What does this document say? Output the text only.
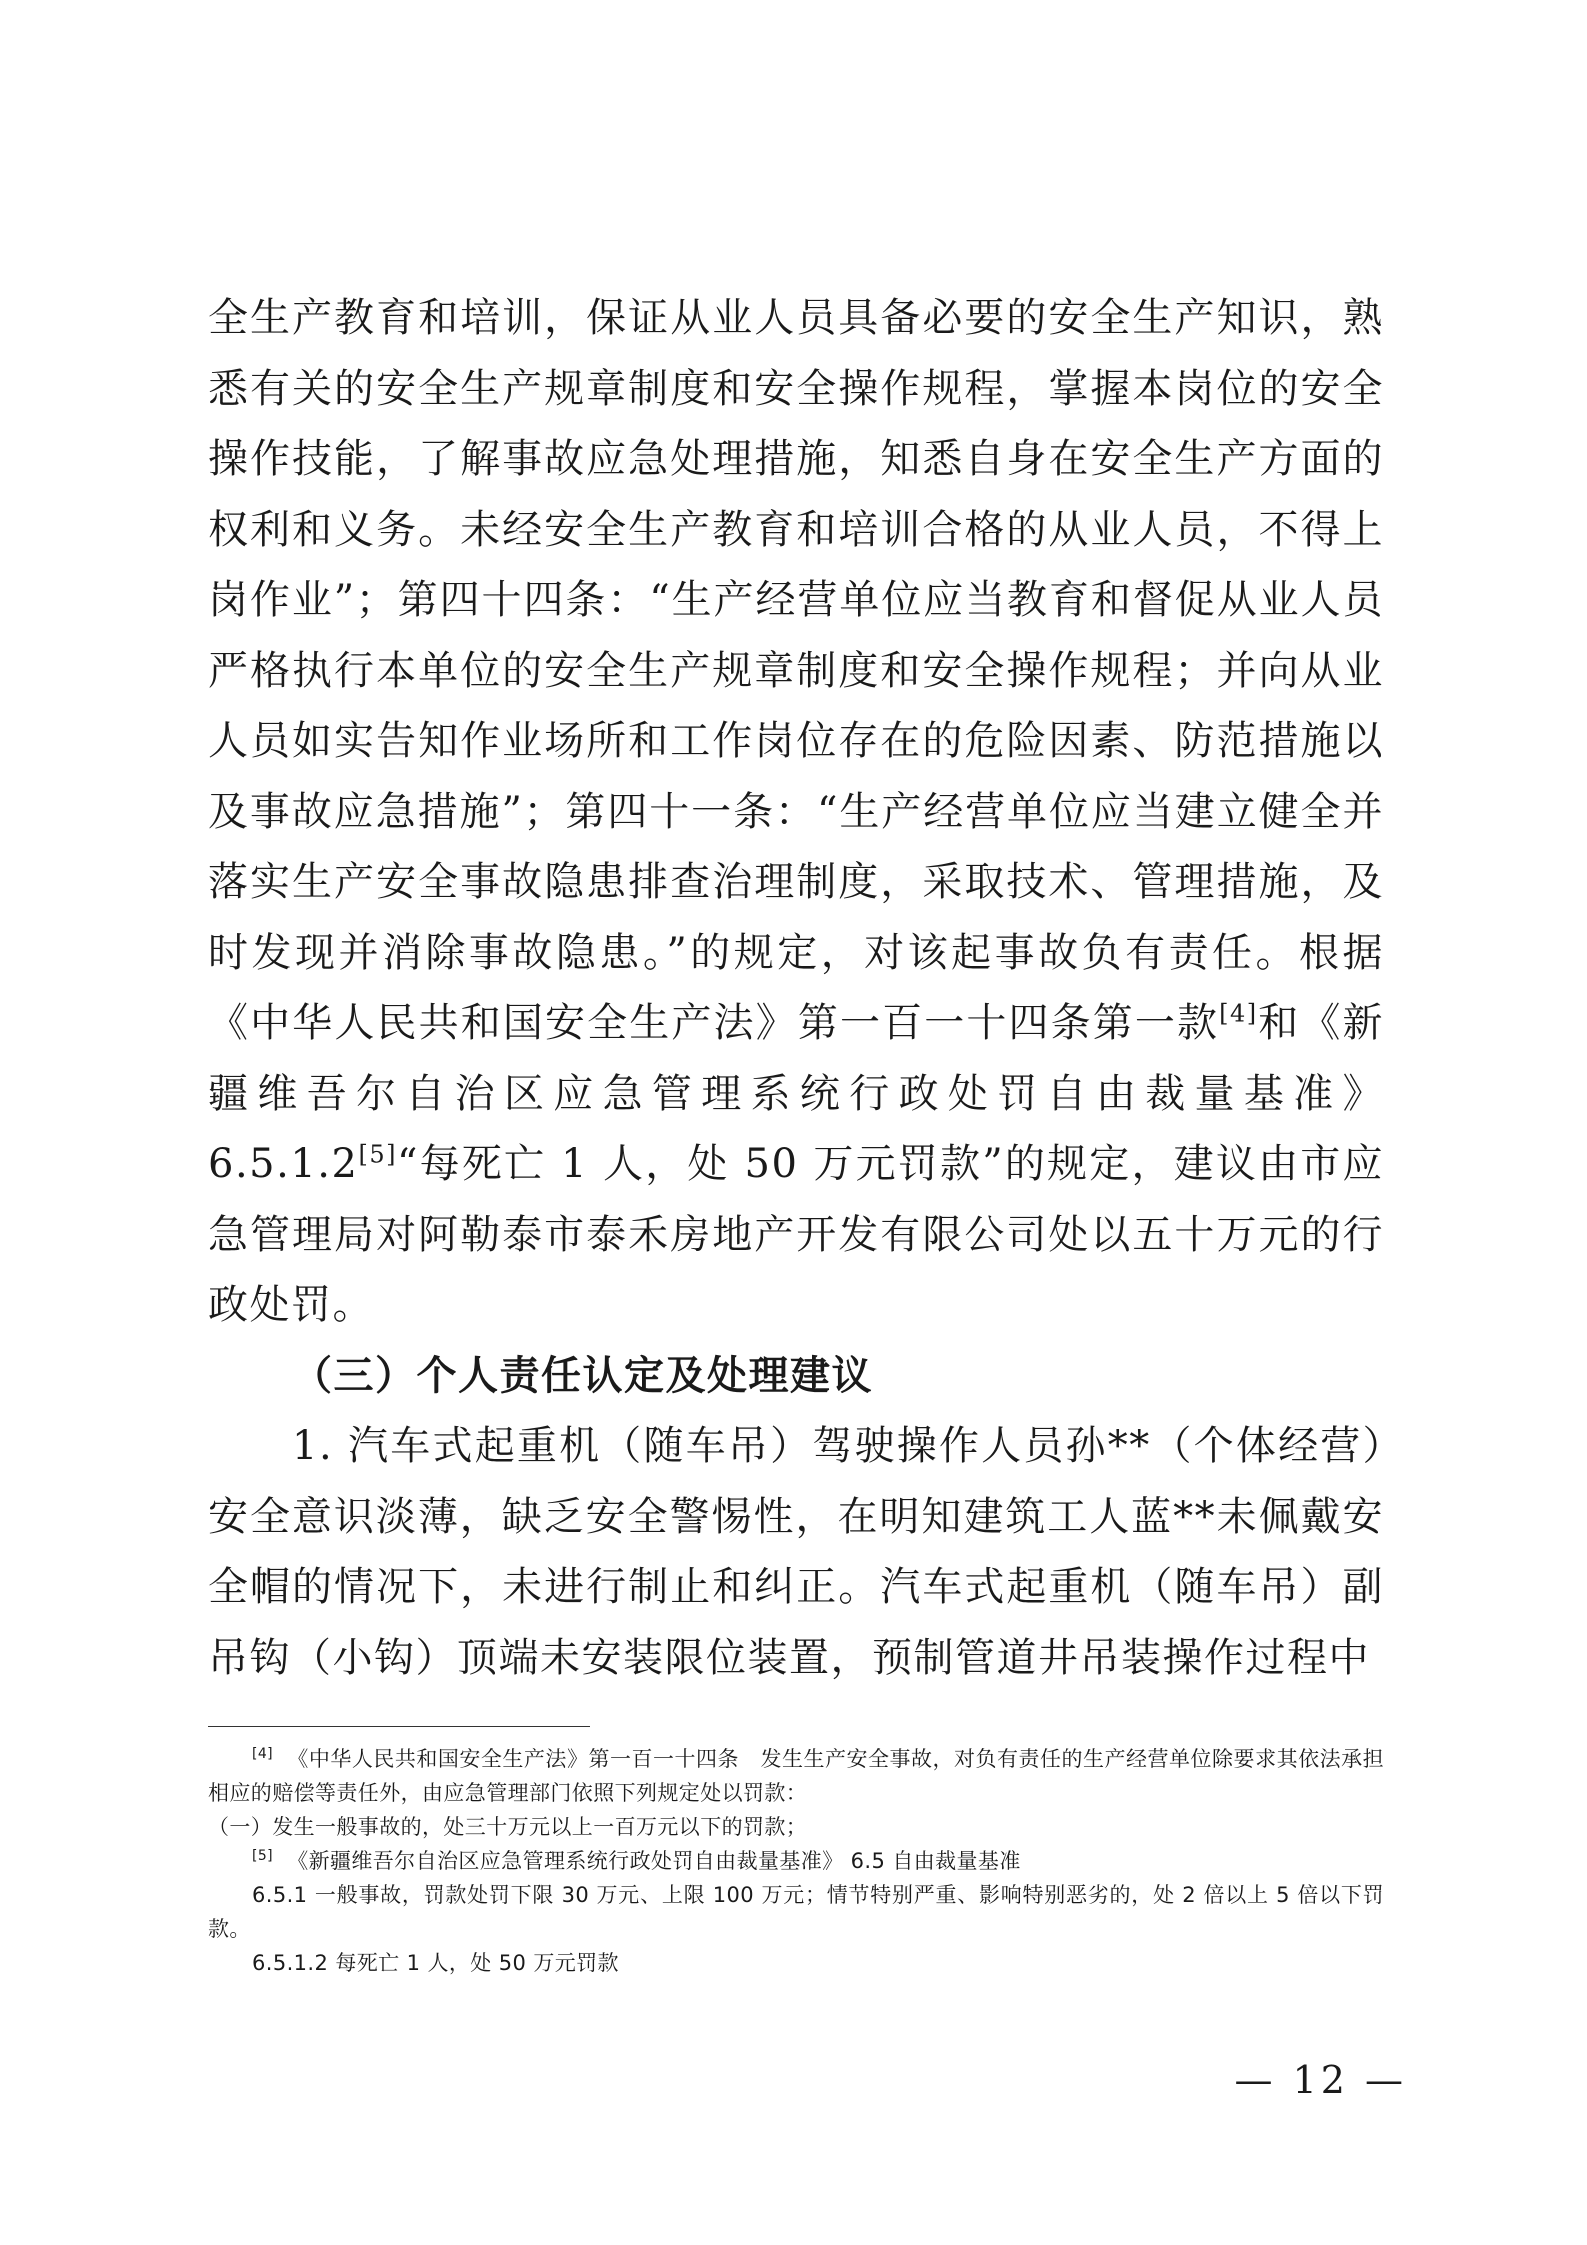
全生产教育和培训，保证从业人员具备必要的安全生产知识，熟悉有关的安全生产规章制度和安全操作规程，掌握本岗位的安全操作技能，了解事故应急处理措施，知悉自身在安全生产方面的权利和义务。未经安全生产教育和培训合格的从业人员，不得上岗作业”；第四十四条：“生产经营单位应当教育和督促从业人员严格执行本单位的安全生产规章制度和安全操作规程；并向从业人员如实告知作业场所和工作岗位存在的危险因素、防范措施以及事故应急措施”；第四十一条：“生产经营单位应当建立健全并落实生产安全事故隐患排查治理制度，采取技术、管理措施，及时发现并消除事故隐患。”的规定，对该起事故负有责任。根据《中华人民共和国安全生产法》第一百一十四条第一款[4]和《新疆维吾尔自治区应急管理系统行政处罚自由裁量基准》6.5.1.2[5]“每死亡 1 人，处 50 万元罚款”的规定，建议由市应急管理局对阿勒泰市泰禾房地产开发有限公司处以五十万元的行政处罚。

（三）个人责任认定及处理建议

1. 汽车式起重机（随车吊）驾驶操作人员孙**（个体经营）安全意识淡薄，缺乏安全警惕性，在明知建筑工人蓝**未佩戴安全帽的情况下，未进行制止和纠正。汽车式起重机（随车吊）副吊钩（小钩）顶端未安装限位装置，预制管道井吊装操作过程中

[4] 《中华人民共和国安全生产法》第一百一十四条　发生生产安全事故，对负有责任的生产经营单位除要求其依法承担相应的赔偿等责任外，由应急管理部门依照下列规定处以罚款：

（一）发生一般事故的，处三十万元以上一百万元以下的罚款；

[5] 《新疆维吾尔自治区应急管理系统行政处罚自由裁量基准》 6.5 自由裁量基准

6.5.1 一般事故，罚款处罚下限 30 万元、上限 100 万元；情节特别严重、影响特别恶劣的，处 2 倍以上 5 倍以下罚款。

6.5.1.2 每死亡 1 人，处 50 万元罚款

— 12 —
